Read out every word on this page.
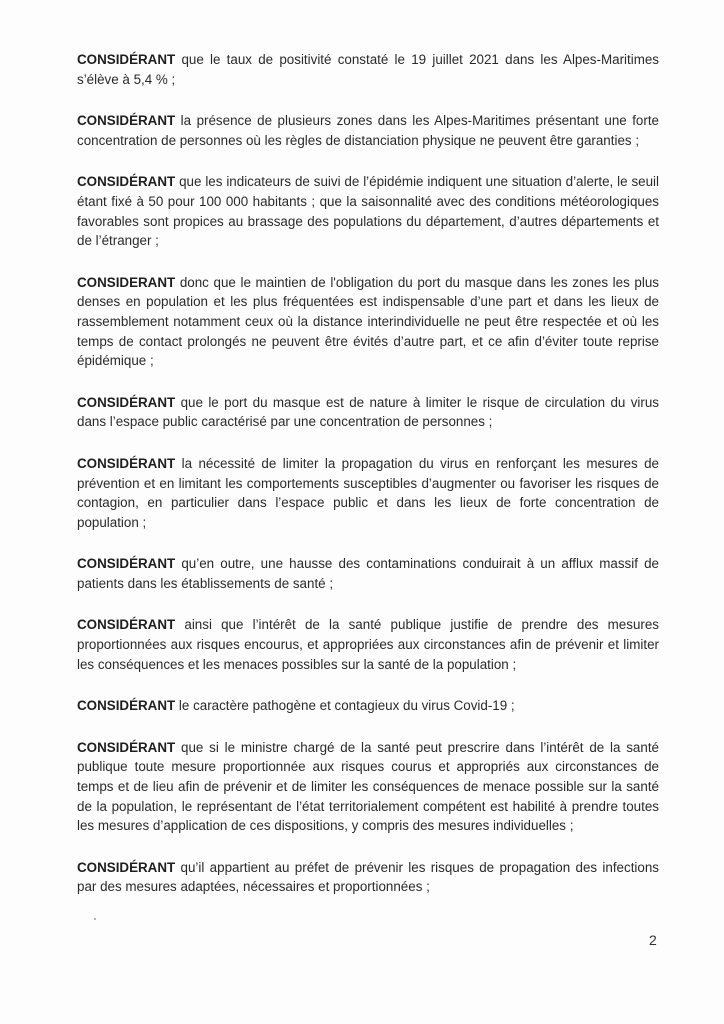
CONSIDÉRANT que le taux de positivité constaté le 19 juillet 2021 dans les Alpes-Maritimes s’élève à 5,4 % ;

CONSIDÉRANT la présence de plusieurs zones dans les Alpes-Maritimes présentant une forte concentration de personnes où les règles de distanciation physique ne peuvent être garanties ;

CONSIDÉRANT que les indicateurs de suivi de l’épidémie indiquent une situation d’alerte, le seuil étant fixé à 50 pour 100 000 habitants ; que la saisonnalité avec des conditions météorologiques favorables sont propices au brassage des populations du département, d’autres départements et de l’étranger ;

CONSIDERANT donc que le maintien de l'obligation du port du masque dans les zones les plus denses en population et les plus fréquentées est indispensable d’une part et dans les lieux de rassemblement notamment ceux où la distance interindividuelle ne peut être respectée et où les temps de contact prolongés ne peuvent être évités d’autre part, et ce afin d’éviter toute reprise épidémique ;

CONSIDÉRANT que le port du masque est de nature à limiter le risque de circulation du virus dans l’espace public caractérisé par une concentration de personnes ;

CONSIDÉRANT la nécessité de limiter la propagation du virus en renforçant les mesures de prévention et en limitant les comportements susceptibles d’augmenter ou favoriser les risques de contagion, en particulier dans l’espace public et dans les lieux de forte concentration de population ;

CONSIDÉRANT qu’en outre, une hausse des contaminations conduirait à un afflux massif de patients dans les établissements de santé ;

CONSIDÉRANT ainsi que l’intérêt de la santé publique justifie de prendre des mesures proportionnées aux risques encourus, et appropriées aux circonstances afin de prévenir et limiter les conséquences et les menaces possibles sur la santé de la population ;

CONSIDÉRANT le caractère pathogène et contagieux du virus Covid-19 ;

CONSIDÉRANT que si le ministre chargé de la santé peut prescrire dans l’intérêt de la santé publique toute mesure proportionnée aux risques courus et appropriés aux circonstances de temps et de lieu afin de prévenir et de limiter les conséquences de menace possible sur la santé de la population, le représentant de l’état territorialement compétent est habilité à prendre toutes les mesures d’application de ces dispositions, y compris des mesures individuelles ;

CONSIDÉRANT qu’il appartient au préfet de prévenir les risques de propagation des infections par des mesures adaptées, nécessaires et proportionnées ;

2
